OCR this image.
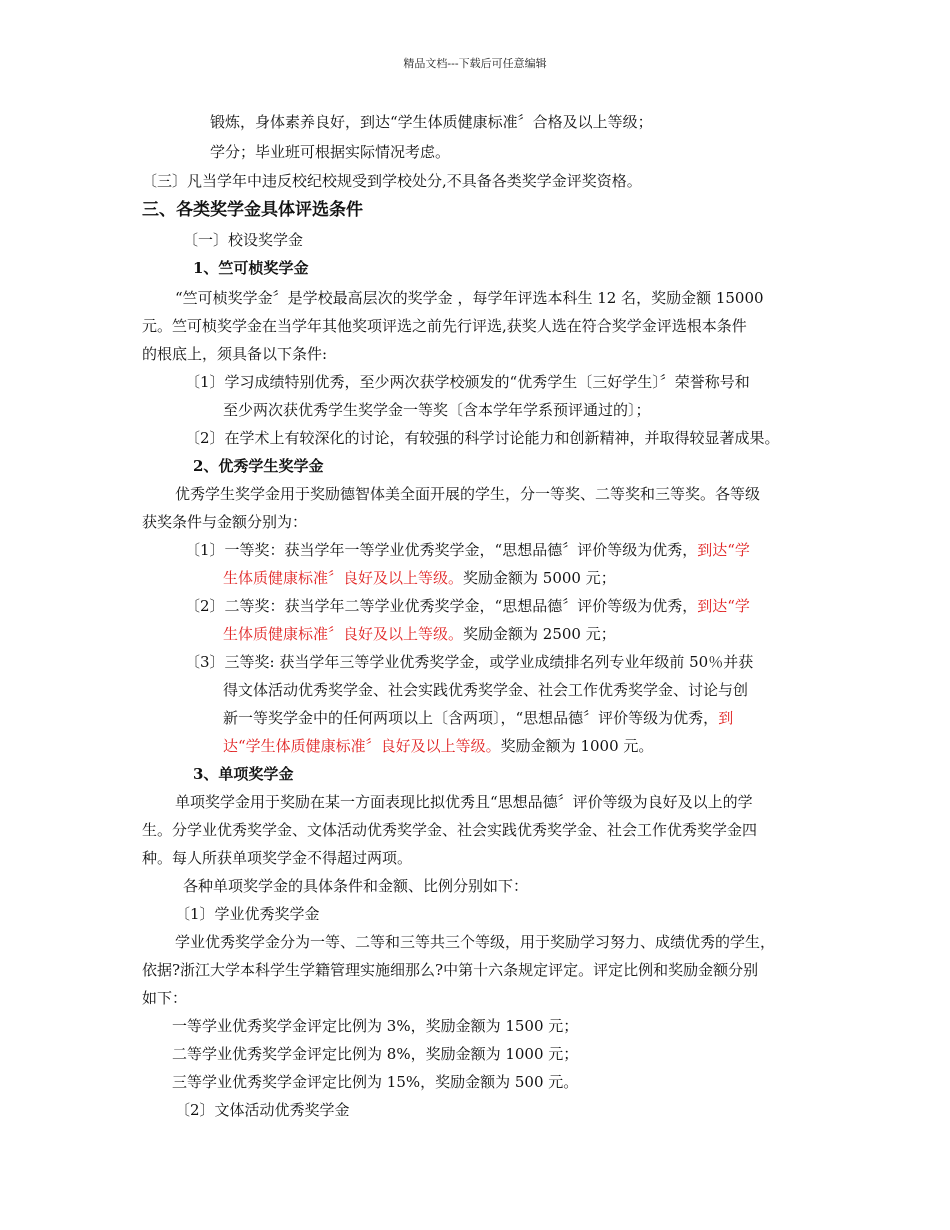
精品文档---下载后可任意编辑
锻炼，身体素养良好，到达“学生体质健康标准〞合格及以上等级；
学分；毕业班可根据实际情况考虑。
〔三〕凡当学年中违反校纪校规受到学校处分,不具备各类奖学金评奖资格。
三、各类奖学金具体评选条件
〔一〕校设奖学金
1、竺可桢奖学金
“竺可桢奖学金〞是学校最高层次的奖学金 ，每学年评选本科生 12 名，奖励金额 15000
元。竺可桢奖学金在当学年其他奖项评选之前先行评选,获奖人选在符合奖学金评选根本条件
的根底上，须具备以下条件:
〔1〕学习成绩特别优秀，至少两次获学校颁发的“优秀学生〔三好学生〕〞荣誉称号和
至少两次获优秀学生奖学金一等奖〔含本学年学系预评通过的〕；
〔2〕在学术上有较深化的讨论，有较强的科学讨论能力和创新精神，并取得较显著成果。
2、优秀学生奖学金
优秀学生奖学金用于奖励德智体美全面开展的学生，分一等奖、二等奖和三等奖。各等级
获奖条件与金额分别为：
〔1〕一等奖：获当学年一等学业优秀奖学金，“思想品德〞评价等级为优秀，到达“学
生体质健康标准〞良好及以上等级。奖励金额为 5000 元；
〔2〕二等奖：获当学年二等学业优秀奖学金，“思想品德〞评价等级为优秀，到达“学
生体质健康标准〞良好及以上等级。奖励金额为 2500 元；
〔3〕三等奖: 获当学年三等学业优秀奖学金，或学业成绩排名列专业年级前 50％并获
得文体活动优秀奖学金、社会实践优秀奖学金、社会工作优秀奖学金、讨论与创
新一等奖学金中的任何两项以上〔含两项〕，“思想品德〞评价等级为优秀，到
达“学生体质健康标准〞良好及以上等级。奖励金额为 1000 元。
3、单项奖学金
单项奖学金用于奖励在某一方面表现比拟优秀且“思想品德〞评价等级为良好及以上的学
生。分学业优秀奖学金、文体活动优秀奖学金、社会实践优秀奖学金、社会工作优秀奖学金四
种。每人所获单项奖学金不得超过两项。
各种单项奖学金的具体条件和金额、比例分别如下：
〔1〕学业优秀奖学金
学业优秀奖学金分为一等、二等和三等共三个等级，用于奖励学习努力、成绩优秀的学生，
依据?浙江大学本科学生学籍管理实施细那么?中第十六条规定评定。评定比例和奖励金额分别
如下：
一等学业优秀奖学金评定比例为 3%，奖励金额为 1500 元；
二等学业优秀奖学金评定比例为 8%，奖励金额为 1000 元；
三等学业优秀奖学金评定比例为 15%，奖励金额为 500 元。
〔2〕文体活动优秀奖学金
